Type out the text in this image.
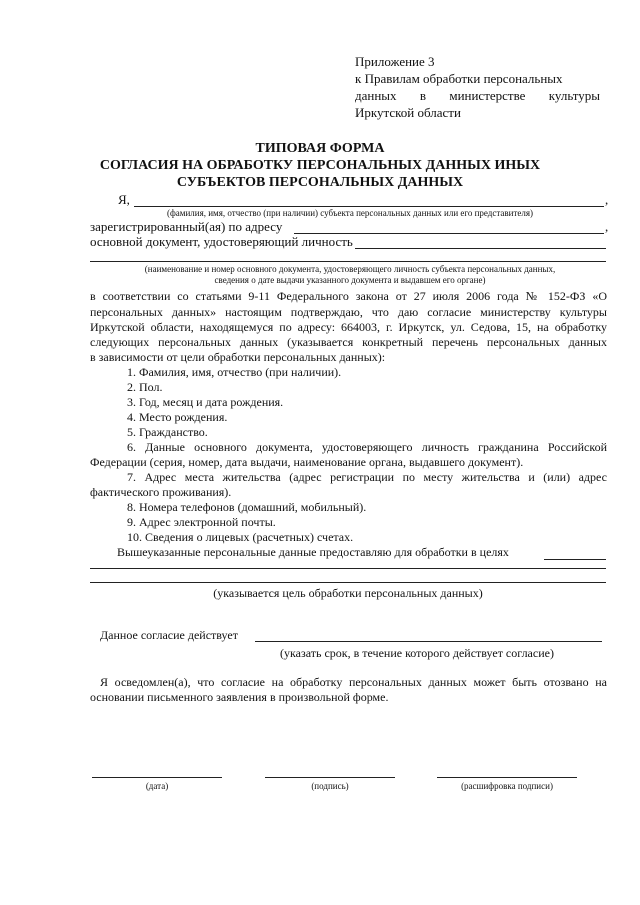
Приложение 3
к Правилам обработки персональных
данных в министерстве культуры
Иркутской области
ТИПОВАЯ ФОРМА
СОГЛАСИЯ НА ОБРАБОТКУ ПЕРСОНАЛЬНЫХ ДАННЫХ ИНЫХ
СУБЪЕКТОВ ПЕРСОНАЛЬНЫХ ДАННЫХ
Я,	,
(фамилия, имя, отчество (при наличии) субъекта персональных данных или его представителя)
зарегистрированный(ая) по адресу	,
основной документ, удостоверяющий личность
(наименование и номер основного документа, удостоверяющего личность субъекта персональных данных,
сведения о дате выдачи указанного документа и выдавшем его органе)
в соответствии со статьями 9-11 Федерального закона от 27 июля 2006 года № 152-ФЗ «О
персональных данных» настоящим подтверждаю, что даю согласие министерству культуры
Иркутской области, находящемуся по адресу: 664003, г. Иркутск, ул. Седова, 15, на обработку
следующих персональных данных (указывается конкретный перечень персональных данных
в зависимости от цели обработки персональных данных):
1. Фамилия, имя, отчество (при наличии).
2. Пол.
3. Год, месяц и дата рождения.
4. Место рождения.
5. Гражданство.
6. Данные основного документа, удостоверяющего личность гражданина Российской
Федерации (серия, номер, дата выдачи, наименование органа, выдавшего документ).
7. Адрес места жительства (адрес регистрации по месту жительства и (или) адрес
фактического проживания).
8. Номера телефонов (домашний, мобильный).
9. Адрес электронной почты.
10. Сведения о лицевых (расчетных) счетах.
Вышеуказанные персональные данные предоставляю для обработки в целях
(указывается цель обработки персональных данных)
Данное согласие действует
(указать срок, в течение которого действует согласие)
Я осведомлен(а), что согласие на обработку персональных данных может быть отозвано на
основании письменного заявления в произвольной форме.
(дата)	(подпись)	(расшифровка подписи)
